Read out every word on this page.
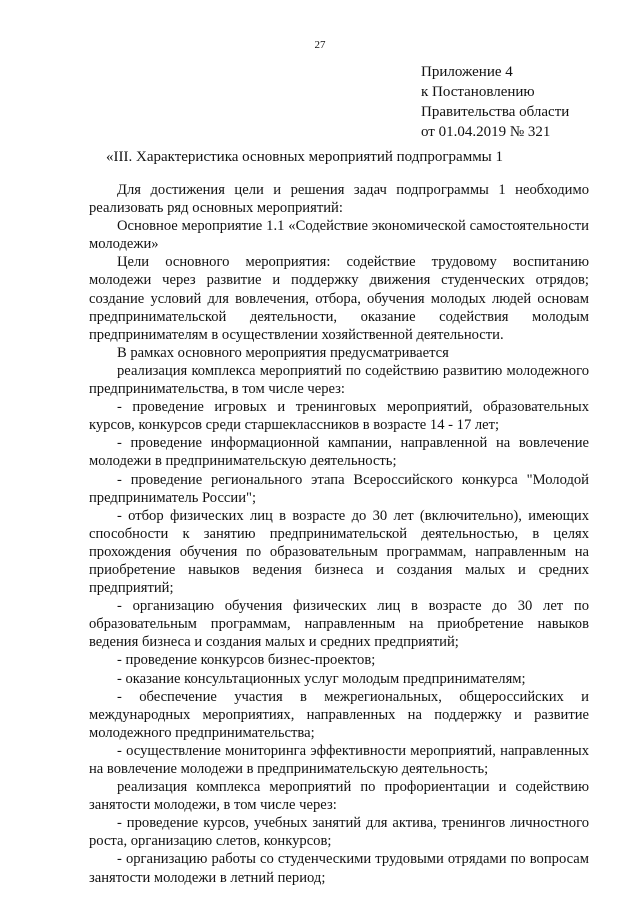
27
Приложение 4
к Постановлению
Правительства области
от 01.04.2019 № 321
«III. Характеристика основных мероприятий подпрограммы 1

Для достижения цели и решения задач подпрограммы 1 необходимо реализовать ряд основных мероприятий:

Основное мероприятие 1.1 «Содействие экономической самостоятельности молодежи»

Цели основного мероприятия: содействие трудовому воспитанию молодежи через развитие и поддержку движения студенческих отрядов; создание условий для вовлечения, отбора, обучения молодых людей основам предпринимательской деятельности, оказание содействия молодым предпринимателям в осуществлении хозяйственной деятельности.

В рамках основного мероприятия предусматривается

реализация комплекса мероприятий по содействию развитию молодежного предпринимательства, в том числе через:

- проведение игровых и тренинговых мероприятий, образовательных курсов, конкурсов среди старшеклассников в возрасте 14 - 17 лет;

- проведение информационной кампании, направленной на вовлечение молодежи в предпринимательскую деятельность;

- проведение регионального этапа Всероссийского конкурса "Молодой предприниматель России";

- отбор физических лиц в возрасте до 30 лет (включительно), имеющих способности к занятию предпринимательской деятельностью, в целях прохождения обучения по образовательным программам, направленным на приобретение навыков ведения бизнеса и создания малых и средних предприятий;

- организацию обучения физических лиц в возрасте до 30 лет по образовательным программам, направленным на приобретение навыков ведения бизнеса и создания малых и средних предприятий;

- проведение конкурсов бизнес-проектов;

- оказание консультационных услуг молодым предпринимателям;

- обеспечение участия в межрегиональных, общероссийских и международных мероприятиях, направленных на поддержку и развитие молодежного предпринимательства;

- осуществление мониторинга эффективности мероприятий, направленных на вовлечение молодежи в предпринимательскую деятельность;

реализация комплекса мероприятий по профориентации и содействию занятости молодежи, в том числе через:

- проведение курсов, учебных занятий для актива, тренингов личностного роста, организацию слетов, конкурсов;

- организацию работы со студенческими трудовыми отрядами по вопросам занятости молодежи в летний период;
